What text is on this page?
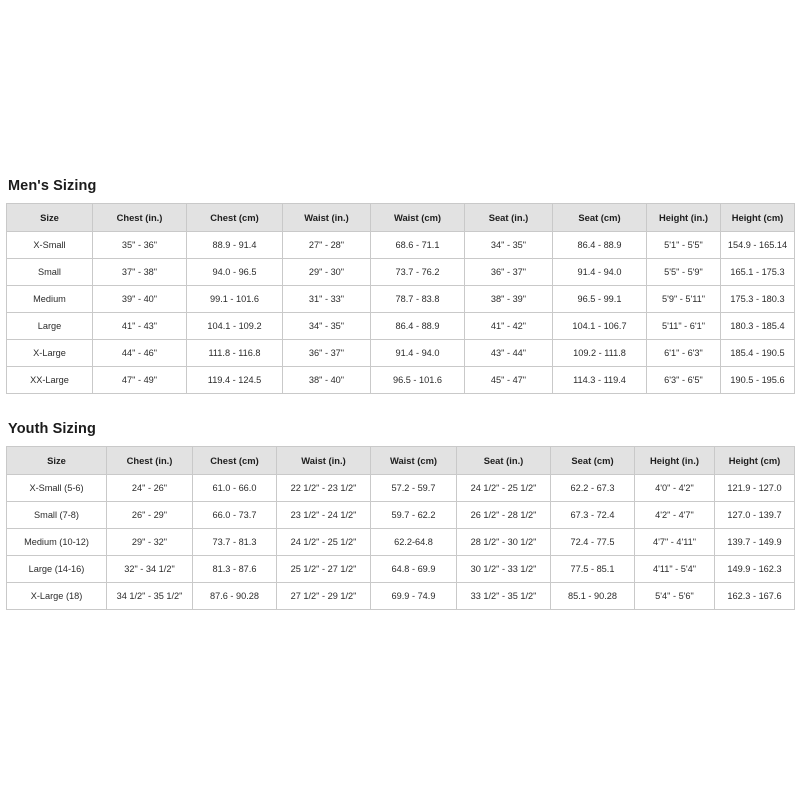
Men's Sizing
Size	Chest (in.)	Chest (cm)	Waist (in.)	Waist (cm)	Seat (in.)	Seat (cm)	Height (in.)	Height (cm)
X-Small	35" - 36"	88.9 - 91.4	27" - 28"	68.6 - 71.1	34" - 35"	86.4 - 88.9	5'1" - 5'5"	154.9 - 165.14
Small	37" - 38"	94.0 - 96.5	29" - 30"	73.7 - 76.2	36" - 37"	91.4 - 94.0	5'5" - 5'9"	165.1 - 175.3
Medium	39" - 40"	99.1 - 101.6	31" - 33"	78.7 - 83.8	38" - 39"	96.5 - 99.1	5'9" - 5'11"	175.3 - 180.3
Large	41" - 43"	104.1 - 109.2	34" - 35"	86.4 - 88.9	41" - 42"	104.1 - 106.7	5'11" - 6'1"	180.3 - 185.4
X-Large	44" - 46"	111.8 - 116.8	36" - 37"	91.4 - 94.0	43" - 44"	109.2 - 111.8	6'1" - 6'3"	185.4 - 190.5
XX-Large	47" - 49"	119.4 - 124.5	38" - 40"	96.5 - 101.6	45" - 47"	114.3 - 119.4	6'3" - 6'5"	190.5 - 195.6
Youth Sizing
Size	Chest (in.)	Chest (cm)	Waist (in.)	Waist (cm)	Seat (in.)	Seat (cm)	Height (in.)	Height (cm)
X-Small (5-6)	24" - 26"	61.0 - 66.0	22 1/2" - 23 1/2"	57.2 - 59.7	24 1/2" - 25 1/2"	62.2 - 67.3	4'0" - 4'2"	121.9 - 127.0
Small (7-8)	26" - 29"	66.0 - 73.7	23 1/2" - 24 1/2"	59.7 - 62.2	26 1/2" - 28 1/2"	67.3 - 72.4	4'2" - 4'7"	127.0 - 139.7
Medium (10-12)	29" - 32"	73.7 - 81.3	24 1/2" - 25 1/2"	62.2-64.8	28 1/2" - 30 1/2"	72.4 - 77.5	4'7" - 4'11"	139.7 - 149.9
Large (14-16)	32" - 34 1/2"	81.3 - 87.6	25 1/2" - 27 1/2"	64.8 - 69.9	30 1/2" - 33 1/2"	77.5 - 85.1	4'11" - 5'4"	149.9 - 162.3
X-Large (18)	34 1/2" - 35 1/2"	87.6 - 90.28	27 1/2" - 29 1/2"	69.9 - 74.9	33 1/2" - 35 1/2"	85.1 - 90.28	5'4" - 5'6"	162.3 - 167.6
